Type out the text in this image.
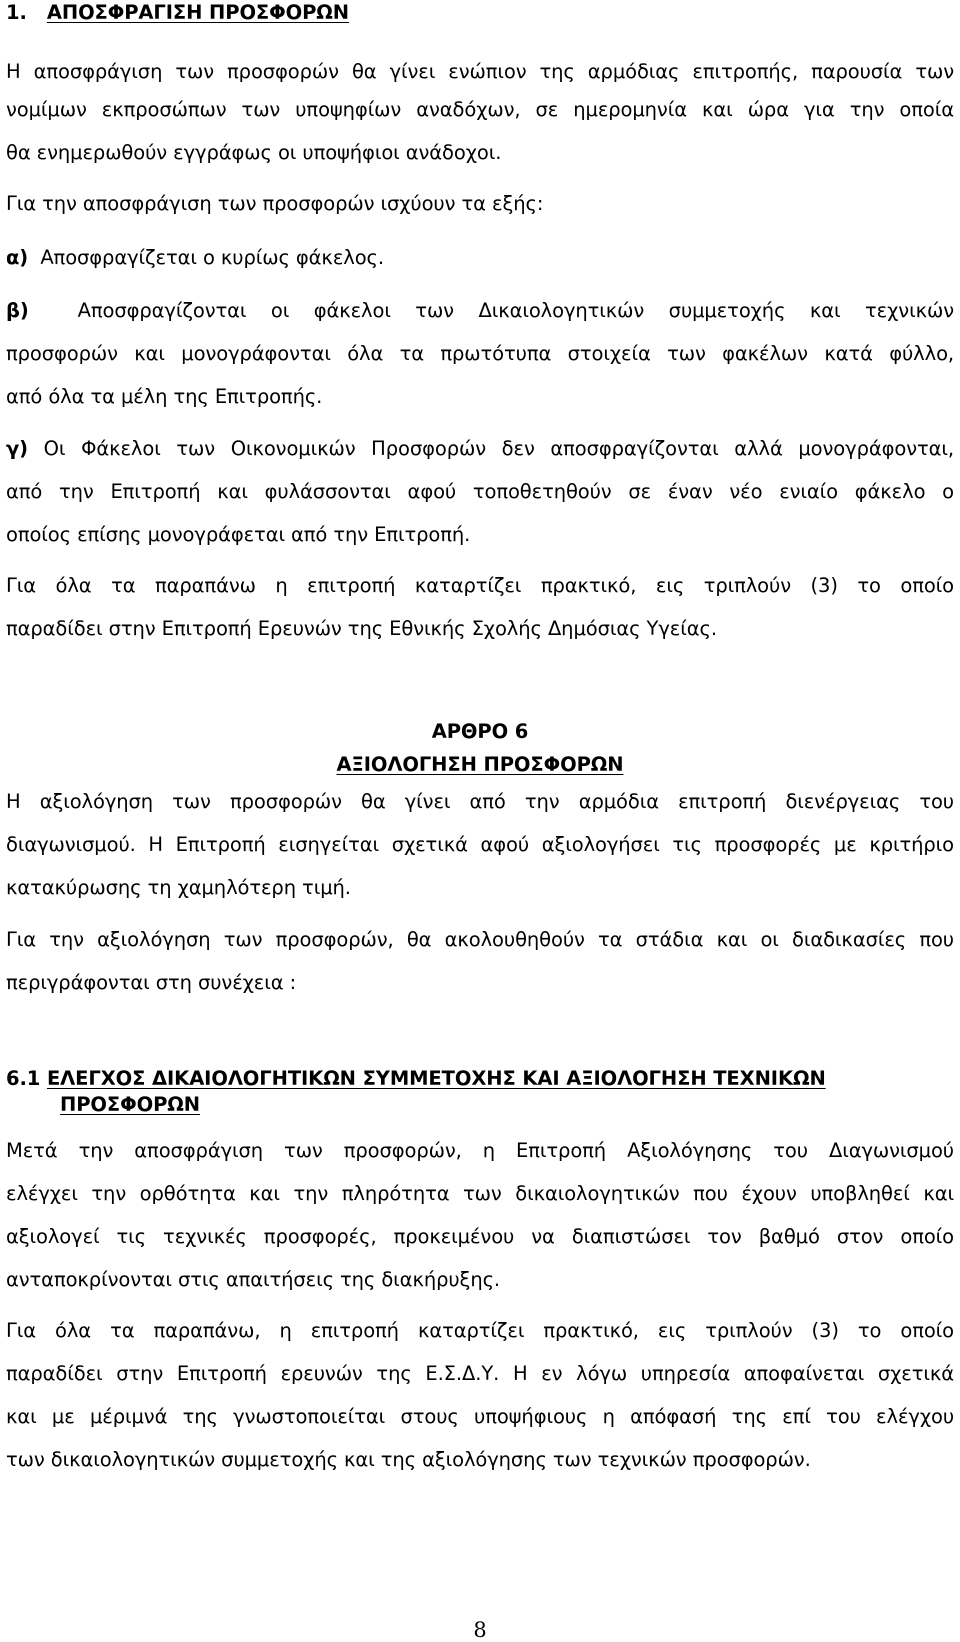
1. ΑΠΟΣΦΡΑΓΙΣΗ ΠΡΟΣΦΟΡΩΝ
Η αποσφράγιση των προσφορών θα γίνει ενώπιον της αρμόδιας επιτροπής, παρουσία των
νομίμων εκπροσώπων των υποψηφίων αναδόχων, σε ημερομηνία και ώρα για την οποία
θα ενημερωθούν εγγράφως οι υποψήφιοι ανάδοχοι.
Για την αποσφράγιση των προσφορών ισχύουν τα εξής:
α) Αποσφραγίζεται ο κυρίως φάκελος.
β)	Αποσφραγίζονται οι φάκελοι των Δικαιολογητικών συμμετοχής και τεχνικών
προσφορών και μονογράφονται όλα τα πρωτότυπα στοιχεία των φακέλων κατά φύλλο,
από όλα τα μέλη της Επιτροπής.
γ) Οι Φάκελοι των Οικονομικών Προσφορών δεν αποσφραγίζονται αλλά μονογράφονται,
από την Επιτροπή και φυλάσσονται αφού τοποθετηθούν σε έναν νέο ενιαίο φάκελο ο
οποίος επίσης μονογράφεται από την Επιτροπή.
Για όλα τα παραπάνω η επιτροπή καταρτίζει πρακτικό, εις τριπλούν (3) το οποίο
παραδίδει στην Επιτροπή Ερευνών της Εθνικής Σχολής Δημόσιας Υγείας.
ΑΡΘΡΟ 6
ΑΞΙΟΛΟΓΗΣΗ ΠΡΟΣΦΟΡΩΝ
Η αξιολόγηση των προσφορών θα γίνει από την αρμόδια επιτροπή διενέργειας του
διαγωνισμού. Η Επιτροπή εισηγείται σχετικά αφού αξιολογήσει τις προσφορές με κριτήριο
κατακύρωσης τη χαμηλότερη τιμή.
Για την αξιολόγηση των προσφορών, θα ακολουθηθούν τα στάδια και οι διαδικασίες που
περιγράφονται στη συνέχεια :
6.1 ΕΛΕΓΧΟΣ ΔΙΚΑΙΟΛΟΓΗΤΙΚΩΝ ΣΥΜΜΕΤΟΧΗΣ ΚΑΙ ΑΞΙΟΛΟΓΗΣΗ ΤΕΧΝΙΚΩΝ
ΠΡΟΣΦΟΡΩΝ
Μετά την αποσφράγιση των προσφορών, η Επιτροπή Αξιολόγησης του Διαγωνισμού
ελέγχει την ορθότητα και την πληρότητα των δικαιολογητικών που έχουν υποβληθεί και
αξιολογεί τις τεχνικές προσφορές, προκειμένου να διαπιστώσει τον βαθμό στον οποίο
ανταποκρίνονται στις απαιτήσεις της διακήρυξης.
Για όλα τα παραπάνω, η επιτροπή καταρτίζει πρακτικό, εις τριπλούν (3) το οποίο
παραδίδει στην Επιτροπή ερευνών της Ε.Σ.Δ.Υ. Η εν λόγω υπηρεσία αποφαίνεται σχετικά
και με μέριμνά της γνωστοποιείται στους υποψήφιους η απόφασή της επί του ελέγχου
των δικαιολογητικών συμμετοχής και της αξιολόγησης των τεχνικών προσφορών.
8
